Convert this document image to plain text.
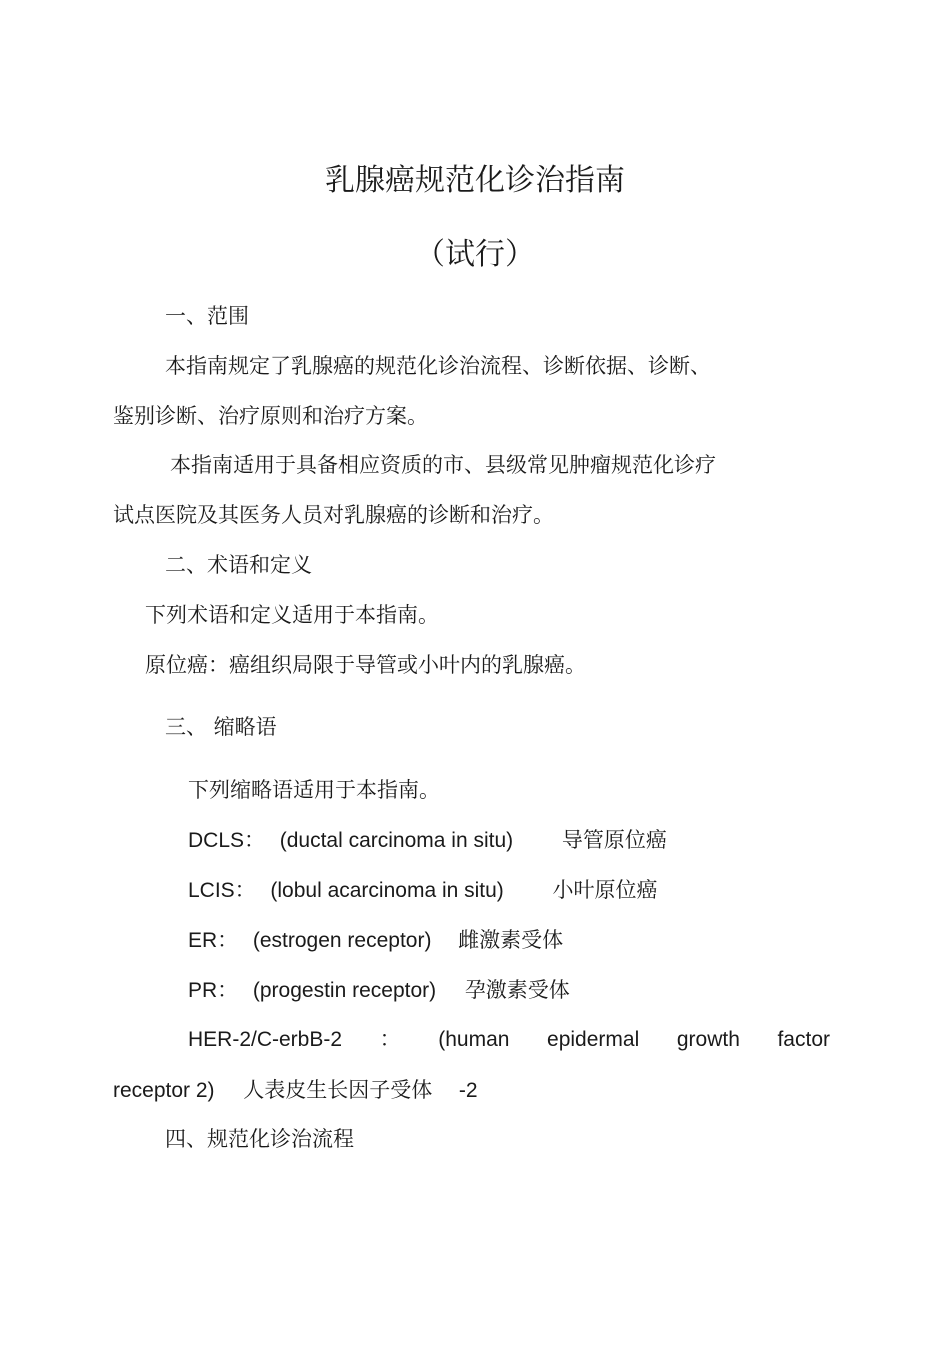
乳腺癌规范化诊治指南
（试行）
一、范围
本指南规定了乳腺癌的规范化诊治流程、诊断依据、诊断、
鉴别诊断、治疗原则和治疗方案。
本指南适用于具备相应资质的市、县级常见肿瘤规范化诊疗
试点医院及其医务人员对乳腺癌的诊断和治疗。
二、术语和定义
下列术语和定义适用于本指南。
原位癌：癌组织局限于导管或小叶内的乳腺癌。
三、 缩略语
下列缩略语适用于本指南。
DCLS： (ductal carcinoma in situ) 导管原位癌
LCIS： (lobul acarcinoma in situ) 小叶原位癌
ER： (estrogen receptor) 雌激素受体
PR： (progestin receptor) 孕激素受体
HER-2/C-erbB-2 ： (human epidermal growth factor
receptor 2) 人表皮生长因子受体 -2
四、规范化诊治流程
